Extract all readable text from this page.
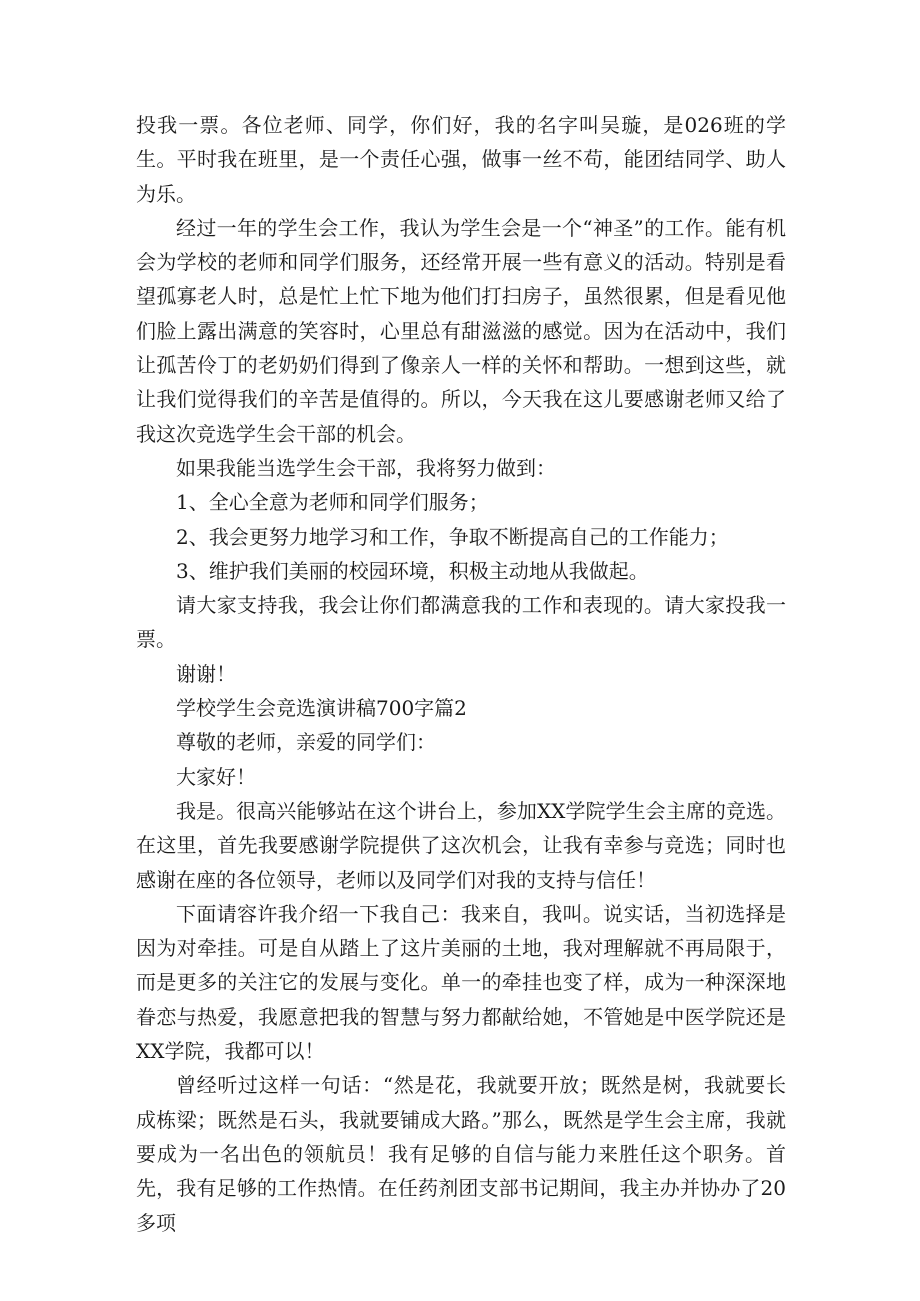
投我一票。各位老师、同学，你们好，我的名字叫吴璇，是026班的学生。平时我在班里，是一个责任心强，做事一丝不苟，能团结同学、助人为乐。

经过一年的学生会工作，我认为学生会是一个“神圣”的工作。能有机会为学校的老师和同学们服务，还经常开展一些有意义的活动。特别是看望孤寡老人时，总是忙上忙下地为他们打扫房子，虽然很累，但是看见他们脸上露出满意的笑容时，心里总有甜滋滋的感觉。因为在活动中，我们让孤苦伶丁的老奶奶们得到了像亲人一样的关怀和帮助。一想到这些，就让我们觉得我们的辛苦是值得的。所以，今天我在这儿要感谢老师又给了我这次竞选学生会干部的机会。

如果我能当选学生会干部，我将努力做到：

1、全心全意为老师和同学们服务；

2、我会更努力地学习和工作，争取不断提高自己的工作能力；

3、维护我们美丽的校园环境，积极主动地从我做起。

请大家支持我，我会让你们都满意我的工作和表现的。请大家投我一票。

谢谢！

学校学生会竞选演讲稿700字篇2

尊敬的老师，亲爱的同学们：

大家好！

我是。很高兴能够站在这个讲台上，参加XX学院学生会主席的竞选。在这里，首先我要感谢学院提供了这次机会，让我有幸参与竞选；同时也感谢在座的各位领导，老师以及同学们对我的支持与信任！

下面请容许我介绍一下我自己：我来自，我叫。说实话，当初选择是因为对牵挂。可是自从踏上了这片美丽的土地，我对理解就不再局限于，而是更多的关注它的发展与变化。单一的牵挂也变了样，成为一种深深地眷恋与热爱，我愿意把我的智慧与努力都献给她，不管她是中医学院还是XX学院，我都可以！

曾经听过这样一句话：“然是花，我就要开放；既然是树，我就要长成栋梁；既然是石头，我就要铺成大路。”那么，既然是学生会主席，我就要成为一名出色的领航员！我有足够的自信与能力来胜任这个职务。首先，我有足够的工作热情。在任药剂团支部书记期间，我主办并协办了20多项
